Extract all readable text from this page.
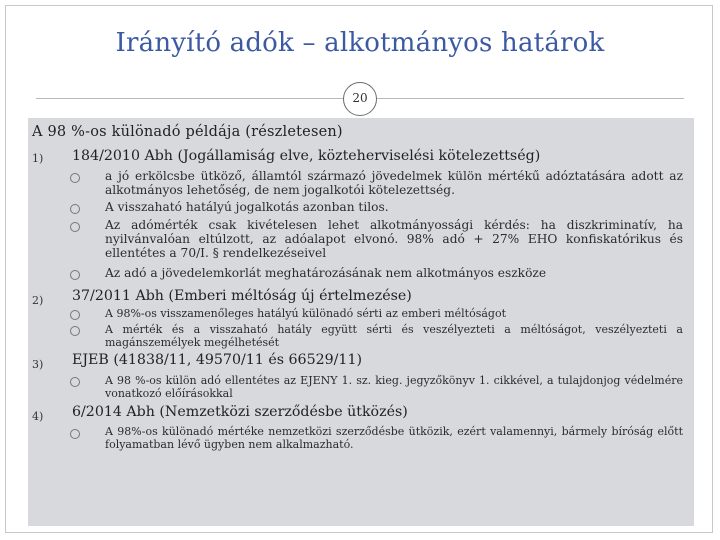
Irányító adók – alkotmányos határok
20
A 98 %-os különadó példája (részletesen)
1) 184/2010 Abh (Jogállamiság elve, közteherviselési kötelezettség)
a jó erkölcsbe ütköző, államtól származó jövedelmek külön mértékű adóztatására adott az alkotmányos lehetőség, de nem jogalkotói kötelezettség.
A visszaható hatályú jogalkotás azonban tilos.
Az adómérték csak kivételesen lehet alkotmányossági kérdés: ha diszkriminatív, ha nyilvánvalóan eltúlzott, az adóalapot elvonó. 98% adó + 27% EHO konfiskatórikus és ellentétes a 70/I. § rendelkezéseivel
Az adó a jövedelemkorlát meghatározásának nem alkotmányos eszköze
2) 37/2011 Abh (Emberi méltóság új értelmezése)
A 98%-os visszamenőleges hatályú különadó sérti az emberi méltóságot
A mérték és a visszaható hatály együtt sérti és veszélyezteti a méltóságot, veszélyezteti a magánszemélyek megélhetését
3) EJEB (41838/11, 49570/11 és 66529/11)
A 98 %-os külön adó ellentétes az EJENY 1. sz. kieg. jegyzőkönyv 1. cikkével, a tulajdonjog védelmére vonatkozó előírásokkal
4) 6/2014 Abh (Nemzetközi szerződésbe ütközés)
A 98%-os különadó mértéke nemzetközi szerződésbe ütközik, ezért valamennyi, bármely bíróság előtt folyamatban lévő ügyben nem alkalmazható.
